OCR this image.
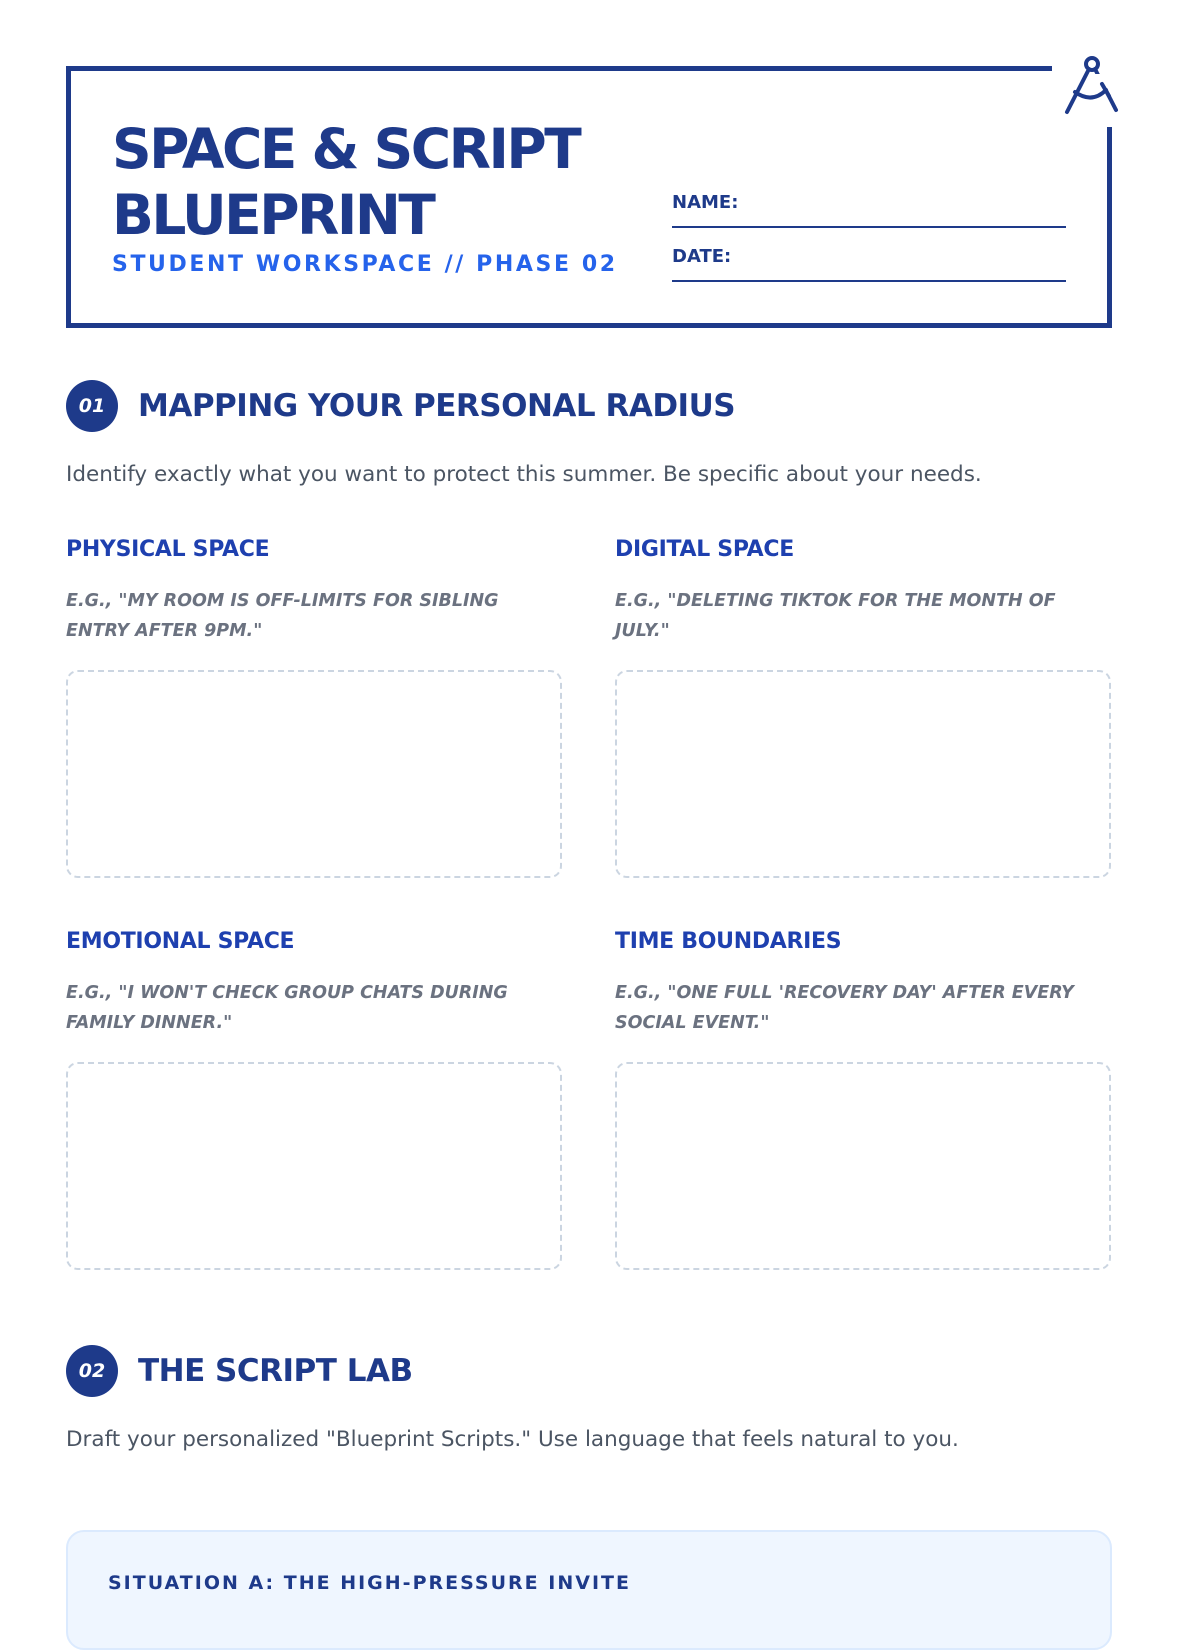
SPACE & SCRIPT
BLUEPRINT
STUDENT WORKSPACE // PHASE 02
NAME:
DATE:
01	MAPPING YOUR PERSONAL RADIUS
Identify exactly what you want to protect this summer. Be specific about your needs.
PHYSICAL SPACE
E.G., "MY ROOM IS OFF-LIMITS FOR SIBLING ENTRY AFTER 9PM."
DIGITAL SPACE
E.G., "DELETING TIKTOK FOR THE MONTH OF JULY."
EMOTIONAL SPACE
E.G., "I WON'T CHECK GROUP CHATS DURING FAMILY DINNER."
TIME BOUNDARIES
E.G., "ONE FULL 'RECOVERY DAY' AFTER EVERY SOCIAL EVENT."
02	THE SCRIPT LAB
Draft your personalized "Blueprint Scripts." Use language that feels natural to you.
SITUATION A: THE HIGH-PRESSURE INVITE
